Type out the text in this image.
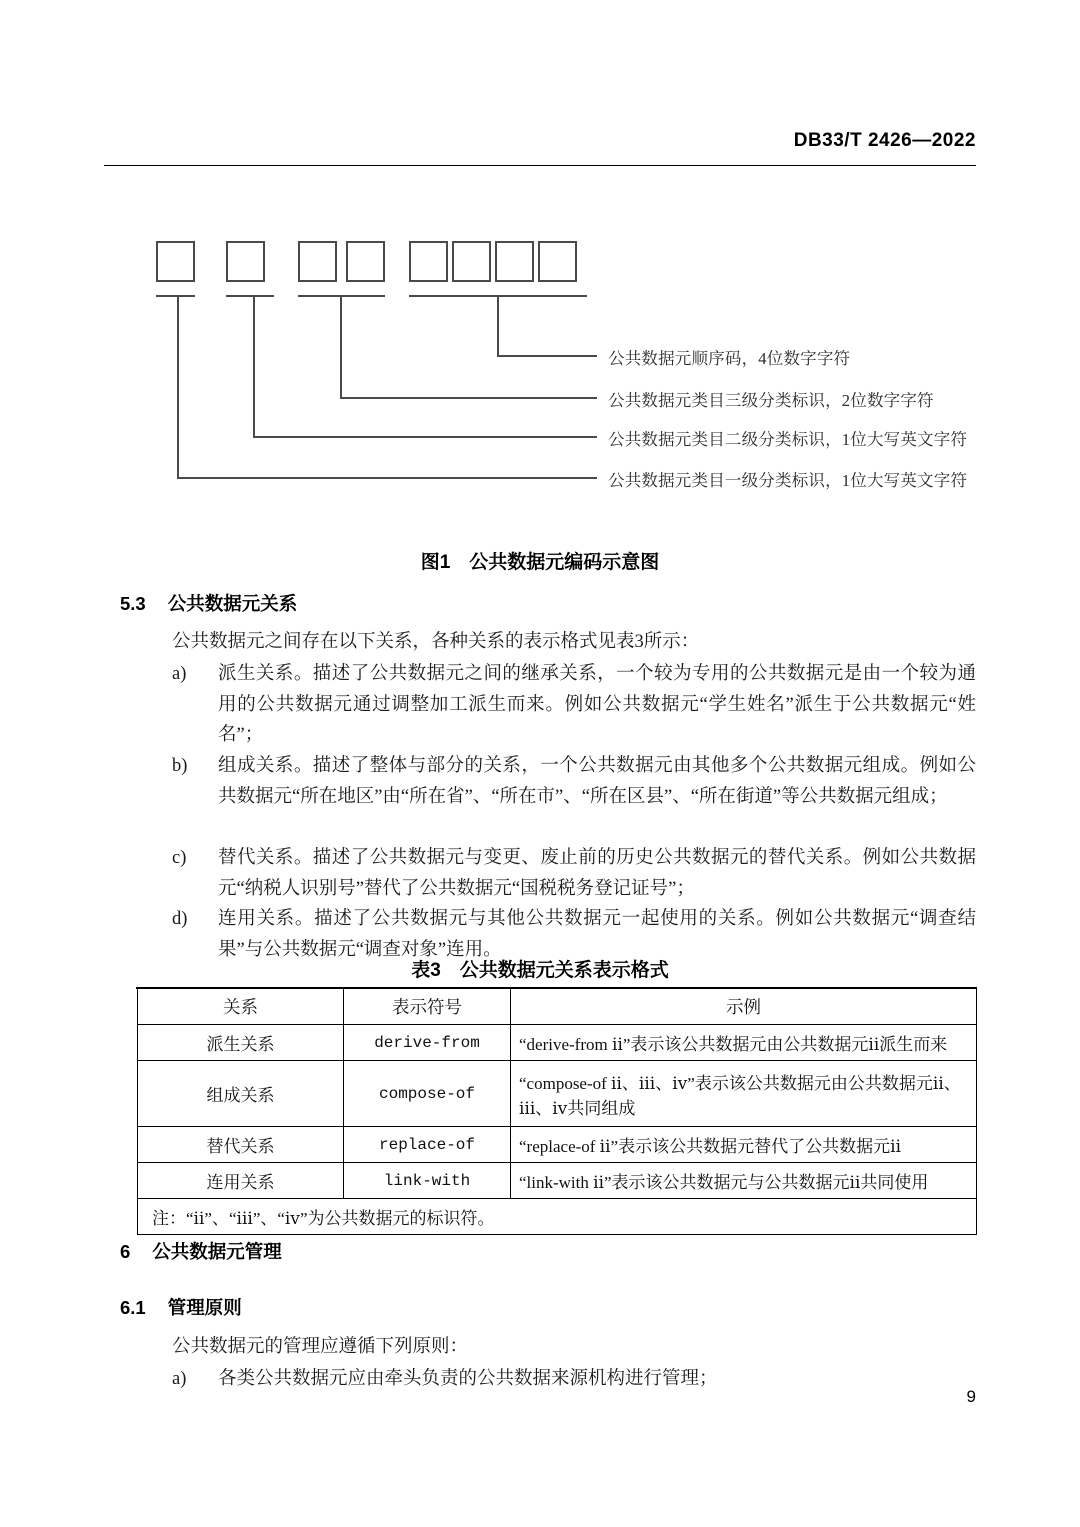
DB33/T 2426—2022
公共数据元顺序码，4位数字字符
公共数据元类目三级分类标识，2位数字字符
公共数据元类目二级分类标识，1位大写英文字符
公共数据元类目一级分类标识，1位大写英文字符
图1　公共数据元编码示意图
5.3 公共数据元关系
公共数据元之间存在以下关系，各种关系的表示格式见表3所示：
a)	派生关系。描述了公共数据元之间的继承关系，一个较为专用的公共数据元是由一个较为通用的公共数据元通过调整加工派生而来。例如公共数据元“学生姓名”派生于公共数据元“姓名”；
b)	组成关系。描述了整体与部分的关系，一个公共数据元由其他多个公共数据元组成。例如公共数据元“所在地区”由“所在省”、“所在市”、“所在区县”、“所在街道”等公共数据元组成；
c)	替代关系。描述了公共数据元与变更、废止前的历史公共数据元的替代关系。例如公共数据元“纳税人识别号”替代了公共数据元“国税税务登记证号”；
d)	连用关系。描述了公共数据元与其他公共数据元一起使用的关系。例如公共数据元“调查结果”与公共数据元“调查对象”连用。
表3　公共数据元关系表示格式
关系	表示符号	示例
派生关系	derive-from	“derive-from ⅱ”表示该公共数据元由公共数据元ⅱ派生而来
组成关系	compose-of	“compose-of ⅱ、ⅲ、ⅳ”表示该公共数据元由公共数据元ⅱ、ⅲ、ⅳ共同组成
替代关系	replace-of	“replace-of ⅱ”表示该公共数据元替代了公共数据元ⅱ
连用关系	link-with	“link-with ⅱ”表示该公共数据元与公共数据元ⅱ共同使用
注：“ⅱ”、“ⅲ”、“ⅳ”为公共数据元的标识符。		
6 公共数据元管理
6.1 管理原则
公共数据元的管理应遵循下列原则：
a)	各类公共数据元应由牵头负责的公共数据来源机构进行管理；
9
